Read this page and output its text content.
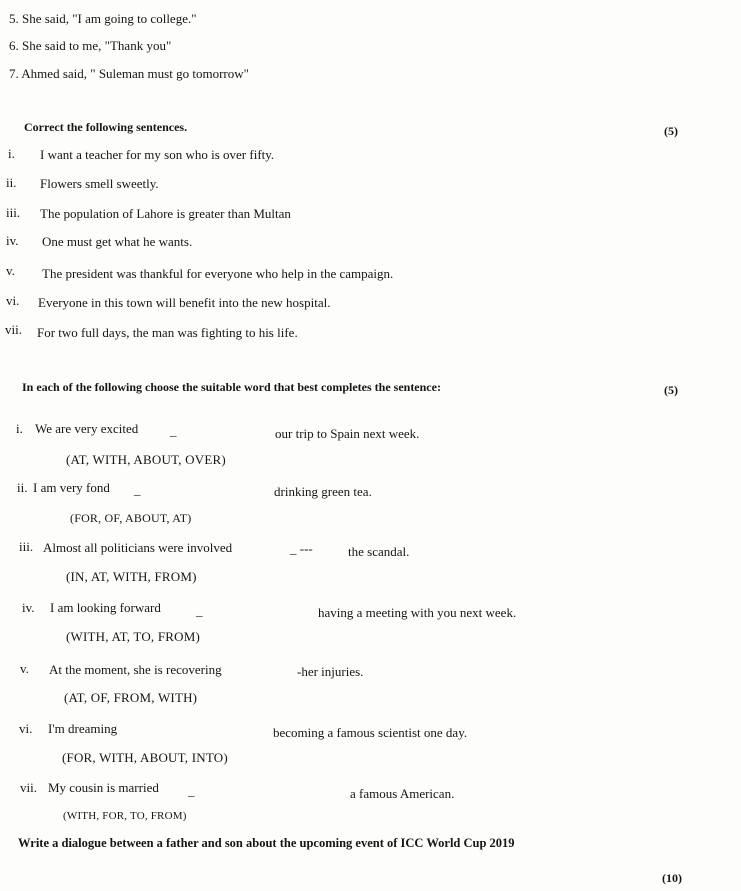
5. She said, "I am going to college."
6. She said to me, "Thank you"
7. Ahmed said, " Suleman must go tomorrow"
Correct the following sentences.	(5)
i. I want a teacher for my son who is over fifty.
ii. Flowers smell sweetly.
iii. The population of Lahore is greater than Multan
iv. One must get what he wants.
v. The president was thankful for everyone who help in the campaign.
vi. Everyone in this town will benefit into the new hospital.
vii. For two full days, the man was fighting to his life.
In each of the following choose the suitable word that best completes the sentence:	(5)
i. We are very excited _	our trip to Spain next week.
(AT, WITH, ABOUT, OVER)
ii. I am very fond _	drinking green tea.
(FOR, OF, ABOUT, AT)
iii. Almost all politicians were involved	_ ---	the scandal.
(IN, AT, WITH, FROM)
iv. I am looking forward	_	having a meeting with you next week.
(WITH, AT, TO, FROM)
v. At the moment, she is recovering	-her injuries.
(AT, OF, FROM, WITH)
vi. I'm dreaming	becoming a famous scientist one day.
(FOR, WITH, ABOUT, INTO)
vii. My cousin is married _	a famous American.
(WITH, FOR, TO, FROM)
Write a dialogue between a father and son about the upcoming event of ICC World Cup 2019
(10)
